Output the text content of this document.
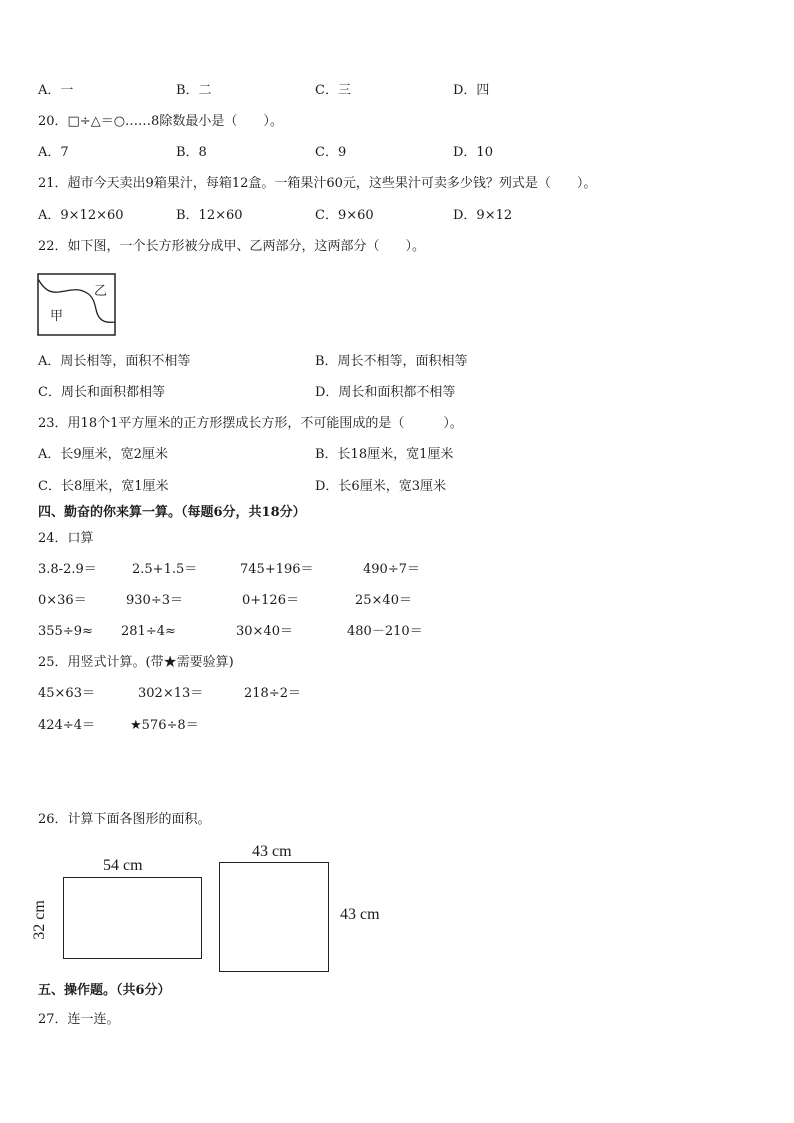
A．一	B．二	C．三	D．四
20．□÷△＝○……8除数最小是（　　）。
A．7	B．8	C．9	D．10
21．超市今天卖出9箱果汁，每箱12盒。一箱果汁60元，这些果汁可卖多少钱？列式是（　　）。
A．9×12×60	B．12×60	C．9×60	D．9×12
22．如下图，一个长方形被分成甲、乙两部分，这两部分（　　）。
乙
甲
A．周长相等，面积不相等	B．周长不相等，面积相等
C．周长和面积都相等	D．周长和面积都不相等
23．用18个1平方厘米的正方形摆成长方形，不可能围成的是（　　　）。
A．长9厘米，宽2厘米	B．长18厘米，宽1厘米
C．长8厘米，宽1厘米	D．长6厘米，宽3厘米
四、勤奋的你来算一算。（每题6分，共18分）
24．口算
3.8-2.9＝	2.5+1.5＝	745+196＝	490÷7＝
0×36＝	930÷3＝	0+126＝	25×40＝
355÷9≈ 281÷4≈	30×40＝	480－210＝
25．用竖式计算。(带★需要验算)
45×63＝	302×13＝	218÷2＝
424÷4＝	★576÷8＝
26．计算下面各图形的面积。
54 cm
32 cm
43 cm
43 cm
五、操作题。（共6分）
27．连一连。
